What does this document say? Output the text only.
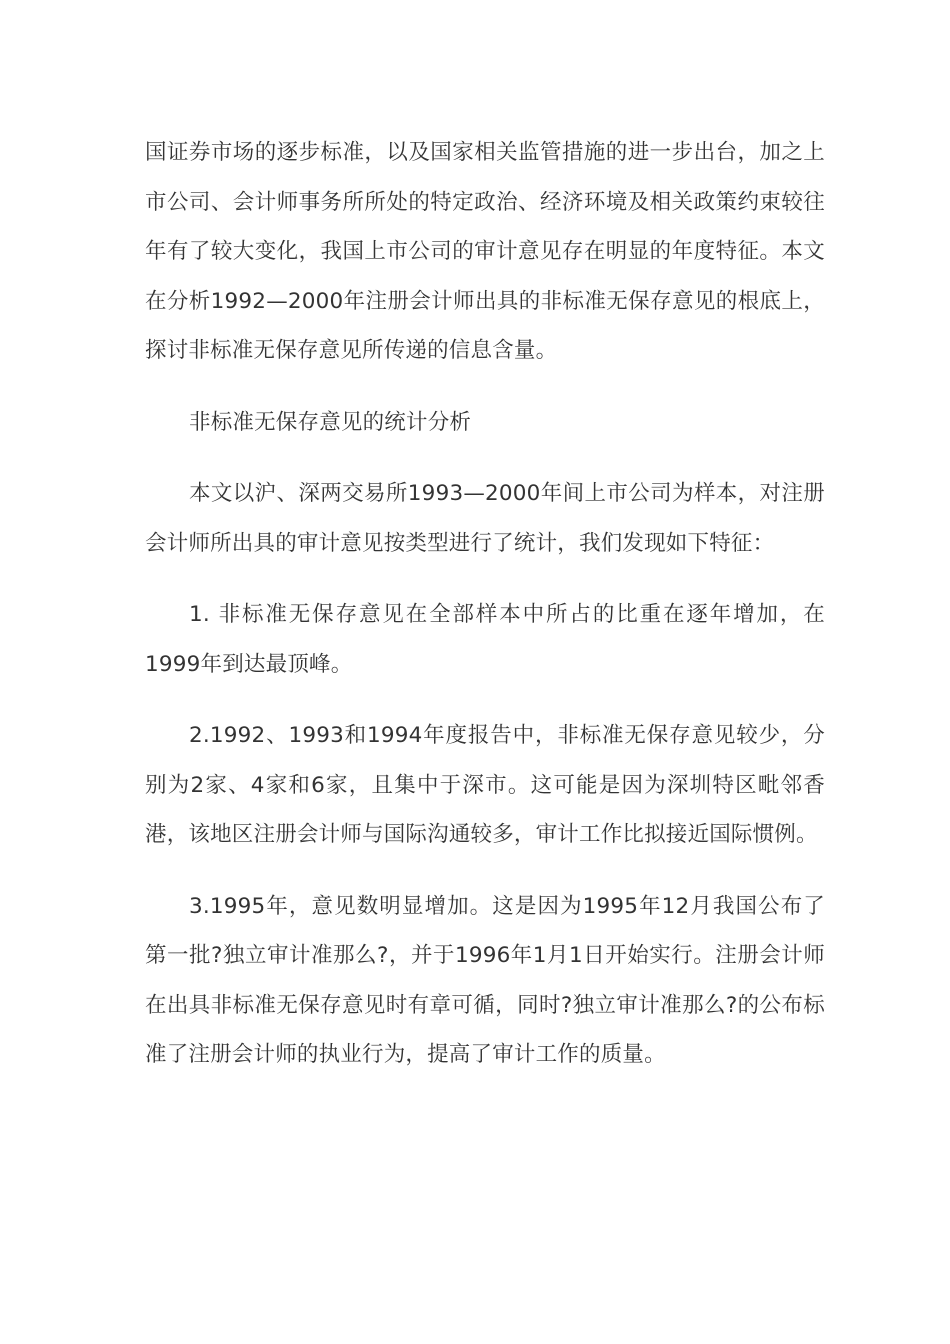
国证券市场的逐步标准，以及国家相关监管措施的进一步出台，加之上市公司、会计师事务所所处的特定政治、经济环境及相关政策约束较往年有了较大变化，我国上市公司的审计意见存在明显的年度特征。本文在分析1992—2000年注册会计师出具的非标准无保存意见的根底上，探讨非标准无保存意见所传递的信息含量。

非标准无保存意见的统计分析

本文以沪、深两交易所1993—2000年间上市公司为样本，对注册会计师所出具的审计意见按类型进行了统计，我们发现如下特征：

1. 非标准无保存意见在全部样本中所占的比重在逐年增加，在1999年到达最顶峰。

2.1992、1993和1994年度报告中，非标准无保存意见较少，分别为2家、4家和6家，且集中于深市。这可能是因为深圳特区毗邻香港，该地区注册会计师与国际沟通较多，审计工作比拟接近国际惯例。

3.1995年，意见数明显增加。这是因为1995年12月我国公布了第一批?独立审计准那么?，并于1996年1月1日开始实行。注册会计师在出具非标准无保存意见时有章可循，同时?独立审计准那么?的公布标准了注册会计师的执业行为，提高了审计工作的质量。
